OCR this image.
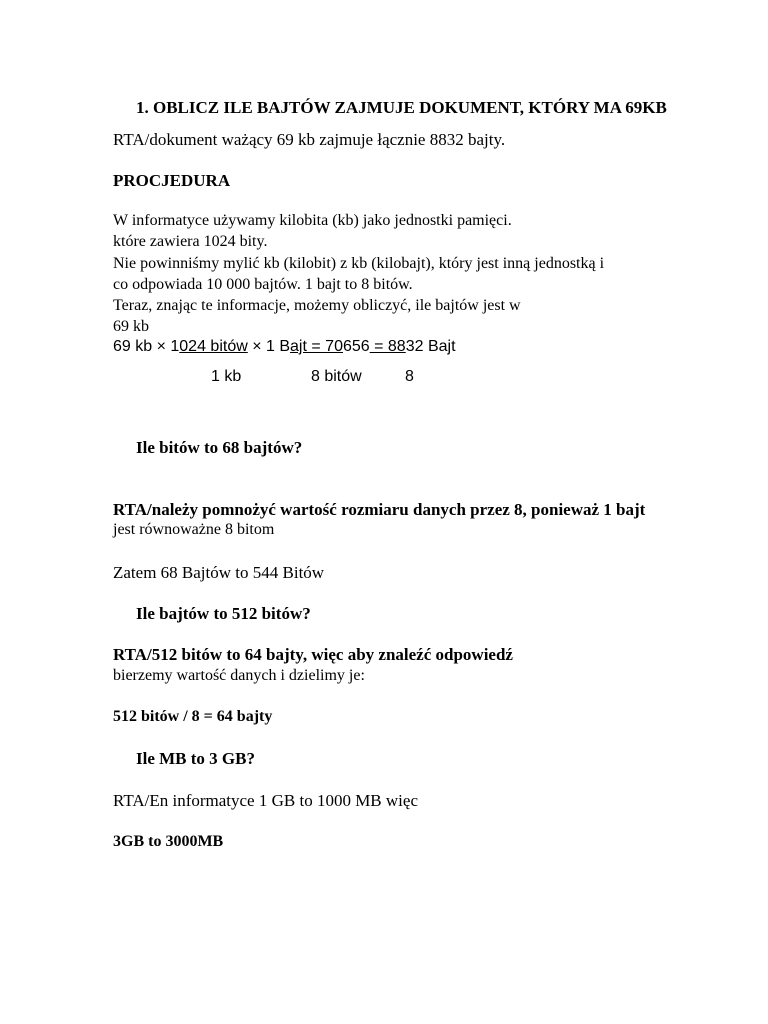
1. OBLICZ ILE BAJTÓW ZAJMUJE DOKUMENT, KTÓRY MA 69KB
RTA/dokument ważący 69 kb zajmuje łącznie 8832 bajty.
PROCJEDURA
W informatyce używamy kilobita (kb) jako jednostki pamięci.
które zawiera 1024 bity.
Nie powinniśmy mylić kb (kilobit) z kb (kilobajt), który jest inną jednostką i
co odpowiada 10 000 bajtów. 1 bajt to 8 bitów.
Teraz, znając te informacje, możemy obliczyć, ile bajtów jest w
69 kb
69 kb × 1024 bitów × 1 Bajt = 70656 = 8832 Bajt
1 kb	8 bitów	8
Ile bitów to 68 bajtów?
RTA/należy pomnożyć wartość rozmiaru danych przez 8, ponieważ 1 bajt
jest równoważne 8 bitom
Zatem 68 Bajtów to 544 Bitów
Ile bajtów to 512 bitów?
RTA/512 bitów to 64 bajty, więc aby znaleźć odpowiedź
bierzemy wartość danych i dzielimy je:
512 bitów / 8 = 64 bajty
Ile MB to 3 GB?
RTA/En informatyce 1 GB to 1000 MB więc
3GB to 3000MB
